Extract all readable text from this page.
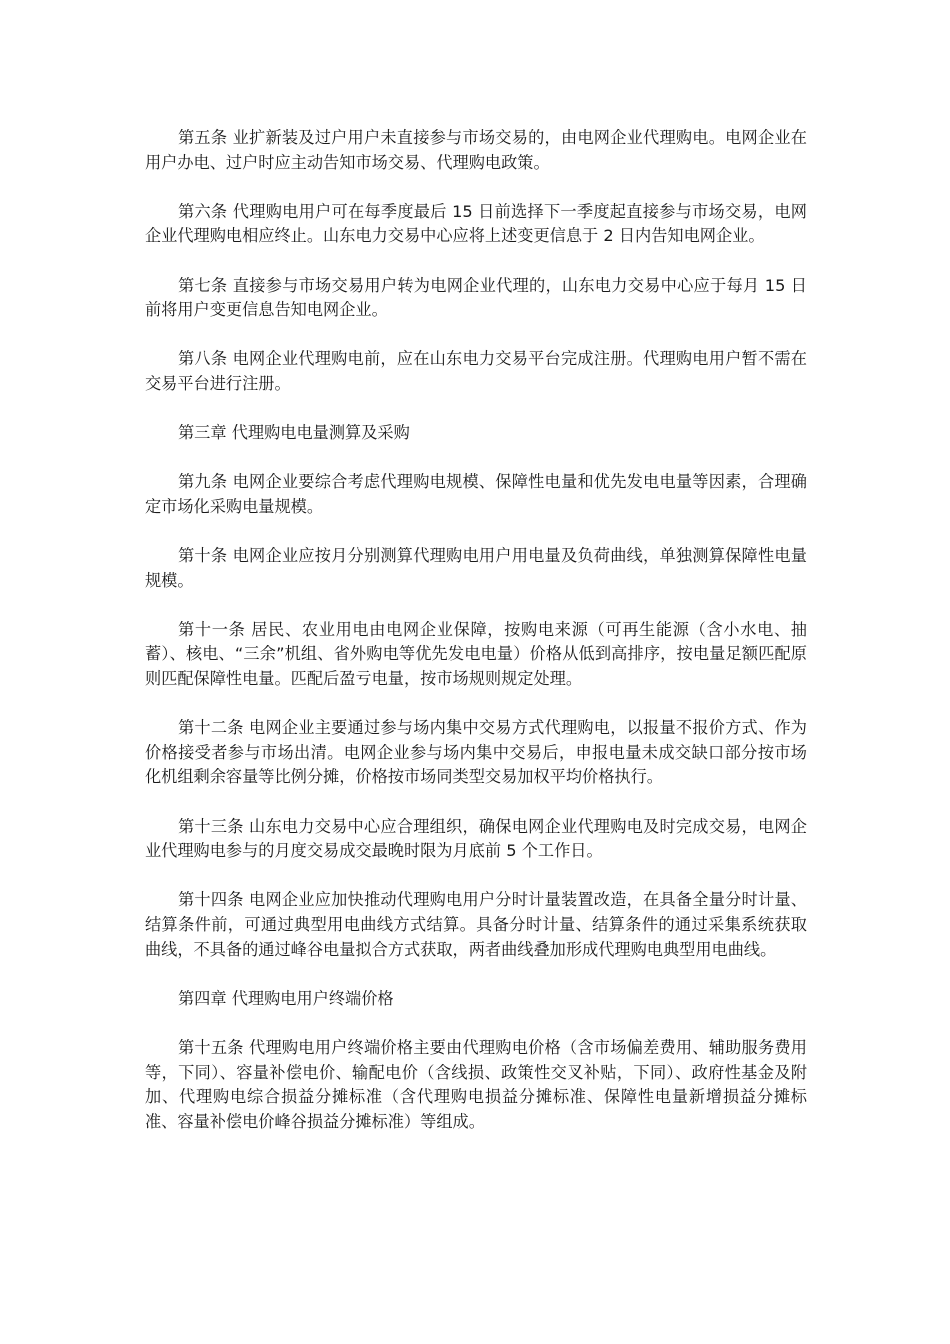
第五条 业扩新装及过户用户未直接参与市场交易的，由电网企业代理购电。电网企业在用户办电、过户时应主动告知市场交易、代理购电政策。

第六条 代理购电用户可在每季度最后 15 日前选择下一季度起直接参与市场交易，电网企业代理购电相应终止。山东电力交易中心应将上述变更信息于 2 日内告知电网企业。

第七条 直接参与市场交易用户转为电网企业代理的，山东电力交易中心应于每月 15 日前将用户变更信息告知电网企业。

第八条 电网企业代理购电前，应在山东电力交易平台完成注册。代理购电用户暂不需在交易平台进行注册。

第三章 代理购电电量测算及采购

第九条 电网企业要综合考虑代理购电规模、保障性电量和优先发电电量等因素，合理确定市场化采购电量规模。

第十条 电网企业应按月分别测算代理购电用户用电量及负荷曲线，单独测算保障性电量规模。

第十一条 居民、农业用电由电网企业保障，按购电来源（可再生能源（含小水电、抽蓄）、核电、“三余”机组、省外购电等优先发电电量）价格从低到高排序，按电量足额匹配原则匹配保障性电量。匹配后盈亏电量，按市场规则规定处理。

第十二条 电网企业主要通过参与场内集中交易方式代理购电，以报量不报价方式、作为价格接受者参与市场出清。电网企业参与场内集中交易后，申报电量未成交缺口部分按市场化机组剩余容量等比例分摊，价格按市场同类型交易加权平均价格执行。

第十三条 山东电力交易中心应合理组织，确保电网企业代理购电及时完成交易，电网企业代理购电参与的月度交易成交最晚时限为月底前 5 个工作日。

第十四条 电网企业应加快推动代理购电用户分时计量装置改造，在具备全量分时计量、结算条件前，可通过典型用电曲线方式结算。具备分时计量、结算条件的通过采集系统获取曲线，不具备的通过峰谷电量拟合方式获取，两者曲线叠加形成代理购电典型用电曲线。

第四章 代理购电用户终端价格

第十五条 代理购电用户终端价格主要由代理购电价格（含市场偏差费用、辅助服务费用等，下同）、容量补偿电价、输配电价（含线损、政策性交叉补贴，下同）、政府性基金及附加、代理购电综合损益分摊标准（含代理购电损益分摊标准、保障性电量新增损益分摊标准、容量补偿电价峰谷损益分摊标准）等组成。
